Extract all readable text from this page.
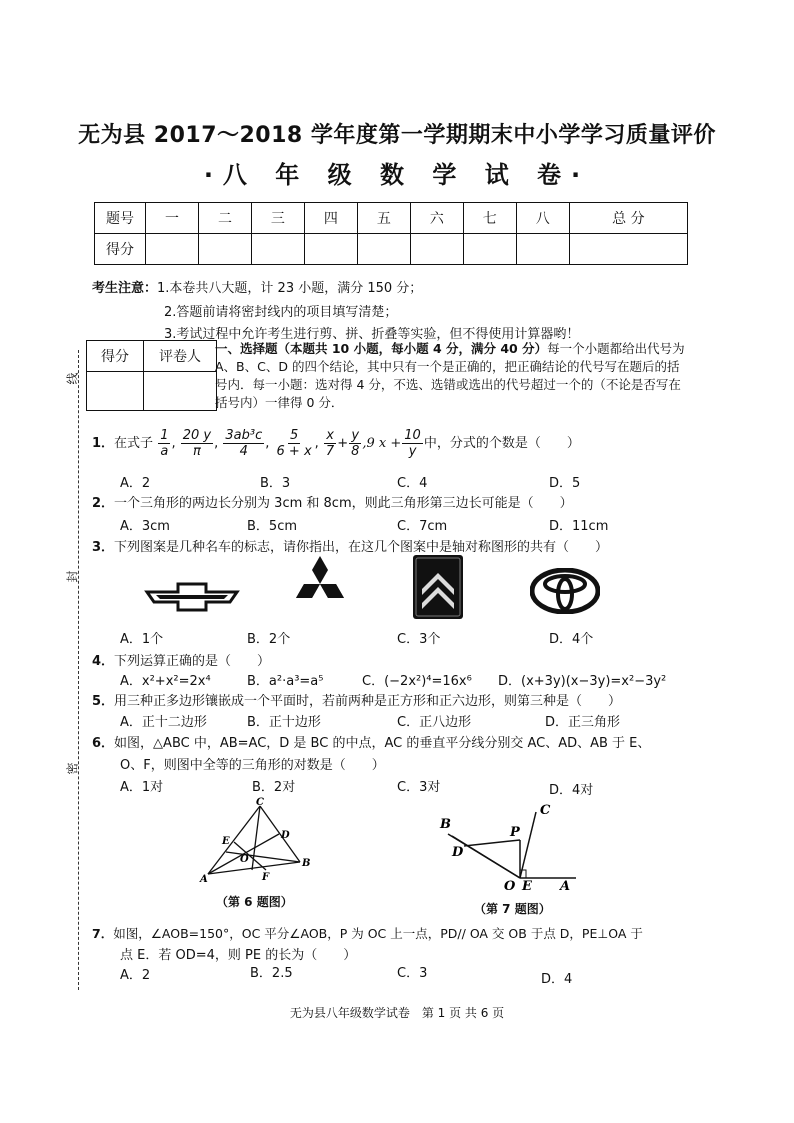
无为县 2017～2018 学年度第一学期期末中小学学习质量评价
·八 年 级 数 学 试 卷·
题号	一	二	三	四	五	六	七	八	总 分
得分									
考生注意：1.本卷共八大题，计 23 小题，满分 150 分；
2.答题前请将密封线内的项目填写清楚；
3.考试过程中允许考生进行剪、拼、折叠等实验，但不得使用计算器哟！
线
封
密
得分	评卷人

一、选择题（本题共 10 小题，每小题 4 分，满分 40 分）每一个小题都给出代号为 A、B、C、D 的四个结论，其中只有一个是正确的，把正确结论的代号写在题后的括号内．每一小题：选对得 4 分，不选、选错或选出的代号超过一个的（不论是否写在括号内）一律得 0 分．
1．在式子 $\frac{1}{a}$ , $\frac{20 y}{\pi}$ , $\frac{\text{3ab³c}}{4}$ , $\frac{5}{6 + x}$ , $\frac{x}{7} + \frac{y}{8} ,9$ $x + \frac{10}{y}$ 中，分式的个数是（　　）
A．2	B．3	C．4	D．5
2．一个三角形的两边长分别为 3cm 和 8cm，则此三角形第三边长可能是（　　）
A．3cm	B．5cm	C．7cm	D．11cm
3．下列图案是几种名车的标志，请你指出，在这几个图案中是轴对称图形的共有（　　）
A．1个	B．2个	C．3个	D．4个
4．下列运算正确的是（　　）
A．x²+x²=2x⁴	B．a²·a³=a⁵	C．(−2x²)⁴=16x⁶ D．(x+3y)(x−3y)=x²−3y²
5．用三种正多边形镶嵌成一个平面时，若前两种是正方形和正六边形，则第三种是（　　）
A．正十二边形	B．正十边形	C．正八边形	D．正三角形
6．如图，△ABC 中，AB=AC，D 是 BC 的中点，AC 的垂直平分线分别交 AC、AD、AB 于 E、
O、F，则图中全等的三角形的对数是（　　）
A．1对	B．2对	C．3对	D．4对
C
D
B
A
E
F
O
（第 6 题图）
C
P
B
D
O E A
（第 7 题图）
7．如图，∠AOB=150°，OC 平分∠AOB，P 为 OC 上一点，PD// OA 交 OB 于点 D，PE⊥OA 于
点 E．若 OD=4，则 PE 的长为（　　）
A．2	B．2.5	C．3	D．4
无为县八年级数学试卷　第 1 页 共 6 页
